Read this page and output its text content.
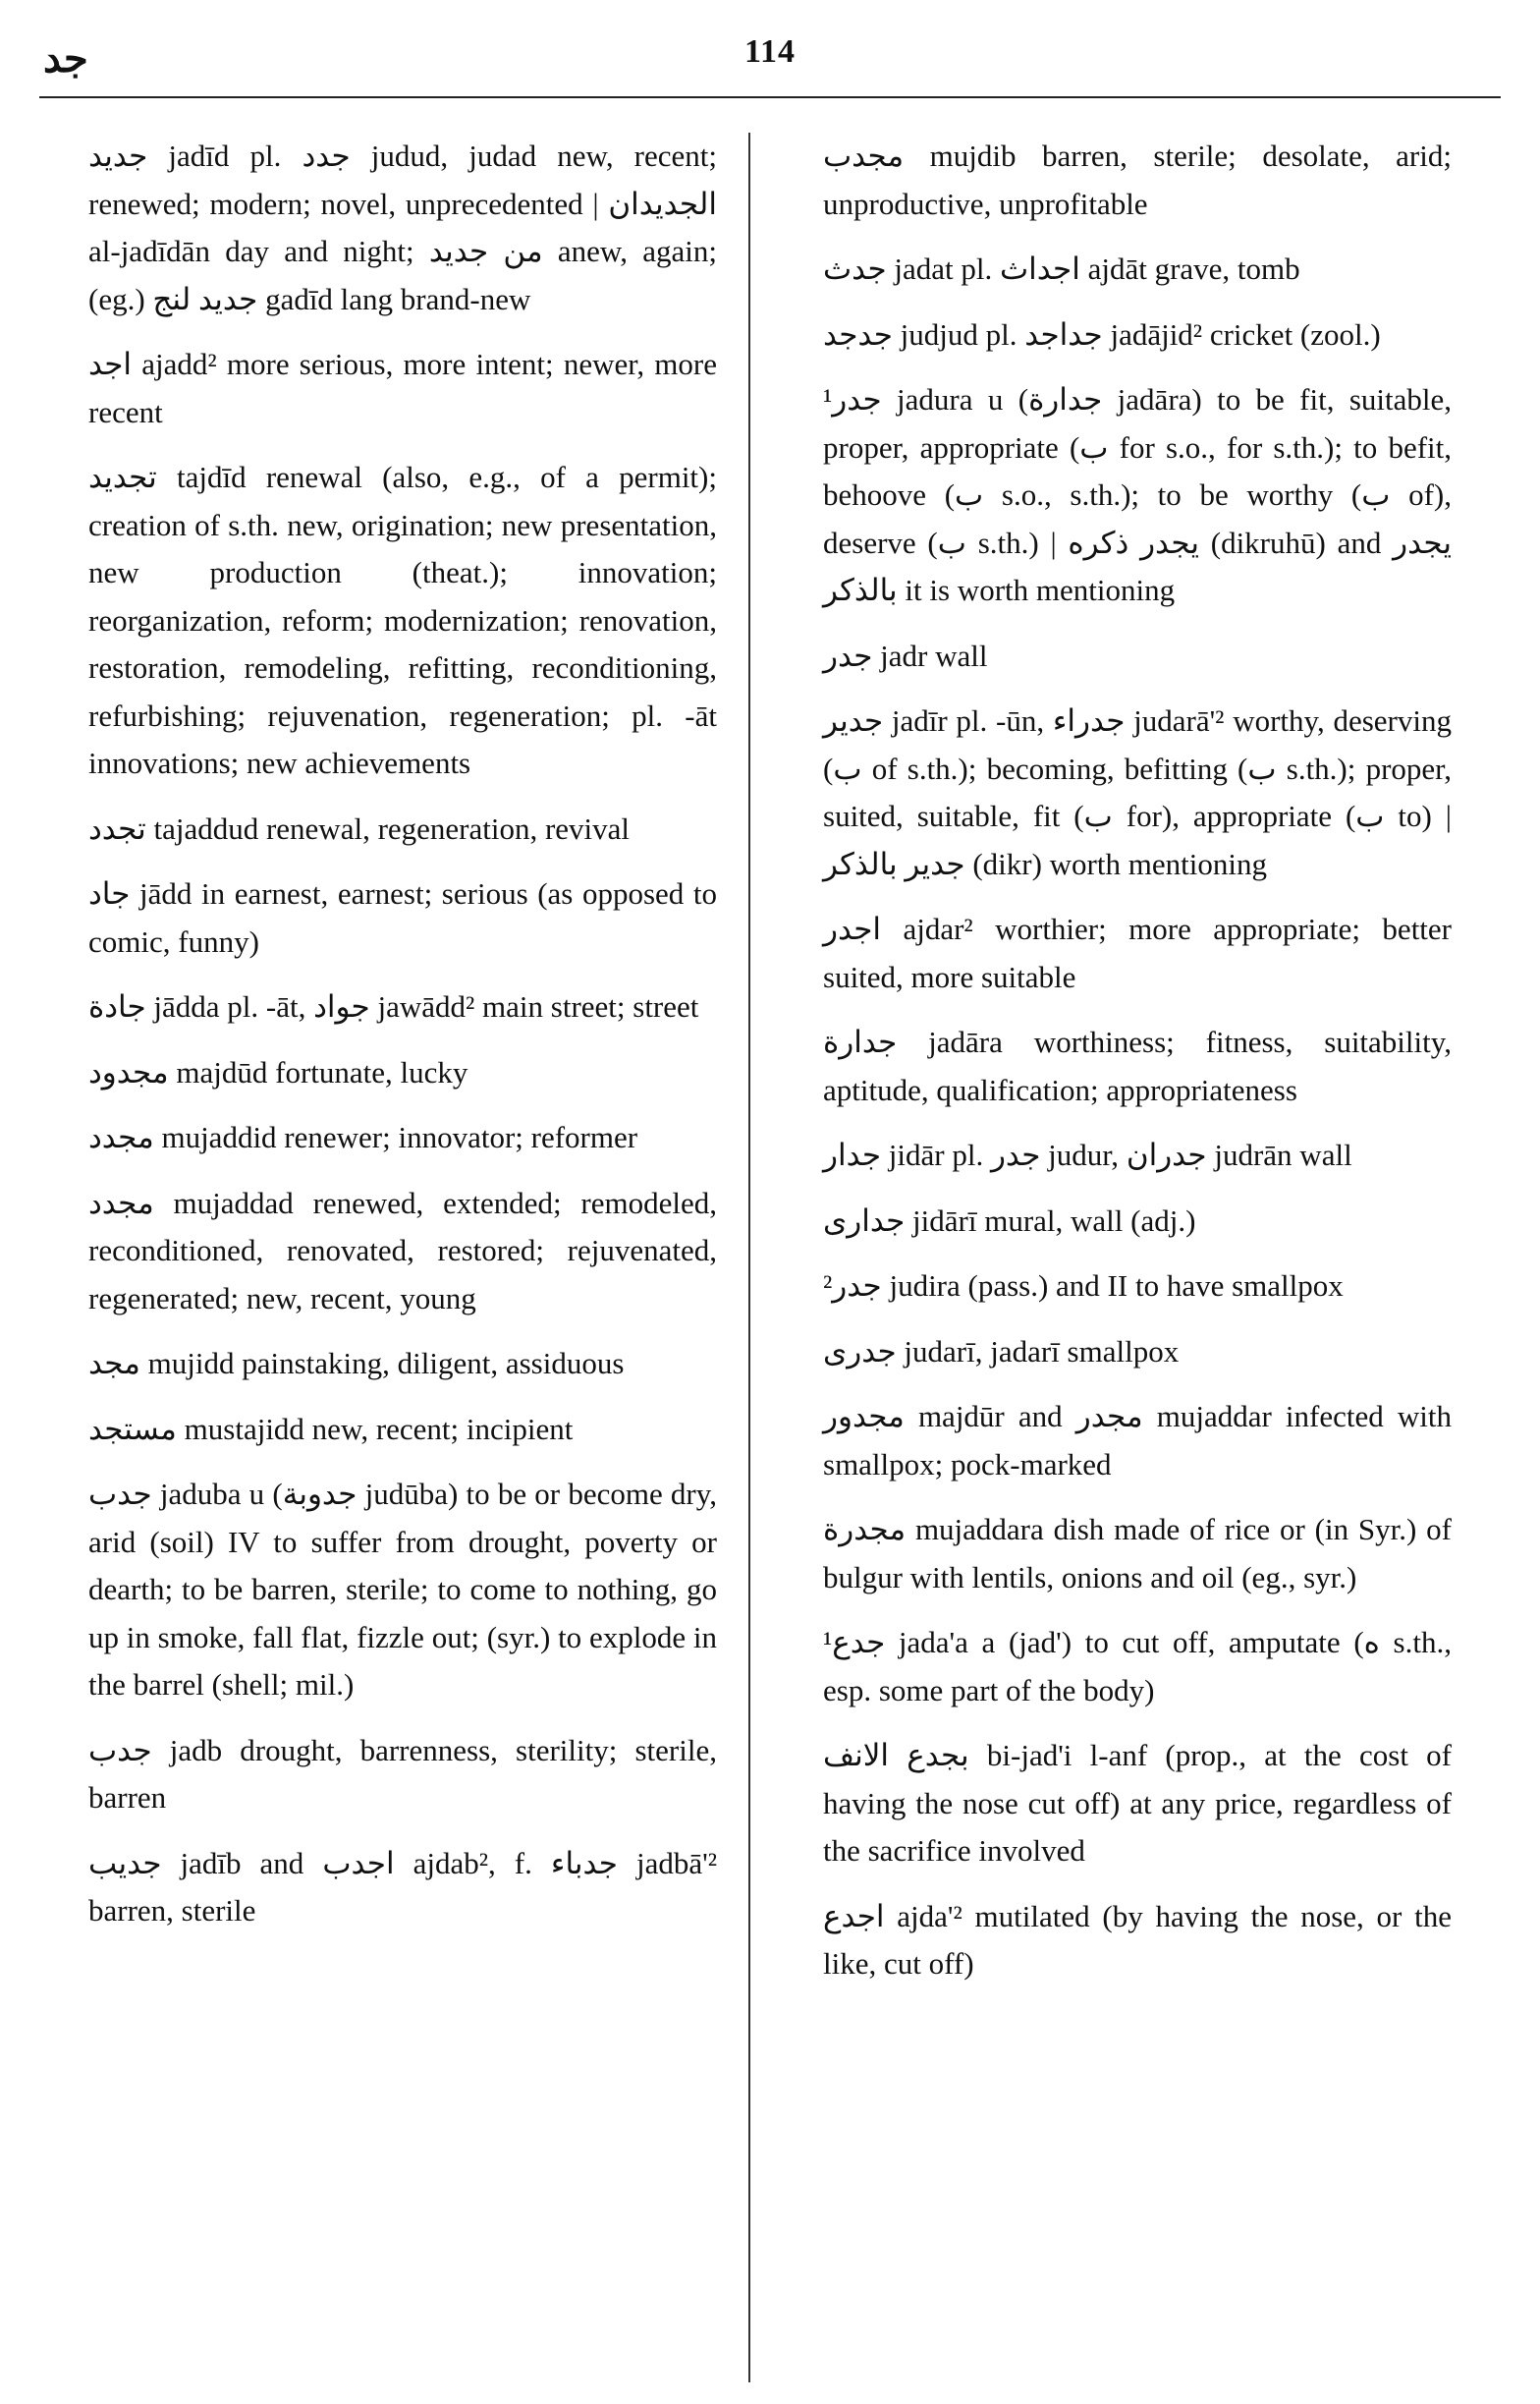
جد	114

جديد jadīd pl. جدد judud, judad new, recent; renewed; modern; novel, unprecedented | الجديدان al-jadīdān day and night; من جديد anew, again; (eg.) جديد لنج gadīd lang brand-new

اجد ajadd² more serious, more intent; newer, more recent

تجديد tajdīd renewal (also, e.g., of a permit); creation of s.th. new, origination; new presentation, new production (theat.); innovation; reorganization, reform; modernization; renovation, restoration, remodeling, refitting, reconditioning, refurbishing; rejuvenation, regeneration; pl. -āt innovations; new achievements

تجدد tajaddud renewal, regeneration, revival

جاد jādd in earnest, earnest; serious (as opposed to comic, funny)

جادة jādda pl. -āt, جواد jawādd² main street; street

مجدود majdūd fortunate, lucky

مجدد mujaddid renewer; innovator; reformer

مجدد mujaddad renewed, extended; remodeled, reconditioned, renovated, restored; rejuvenated, regenerated; new, recent, young

مجد mujidd painstaking, diligent, assiduous

مستجد mustajidd new, recent; incipient

جدب jaduba u (جدوبة judūba) to be or become dry, arid (soil) IV to suffer from drought, poverty or dearth; to be barren, sterile; to come to nothing, go up in smoke, fall flat, fizzle out; (syr.) to explode in the barrel (shell; mil.)

جدب jadb drought, barrenness, sterility; sterile, barren

جديب jadīb and اجدب ajdab², f. جدباء jadbā'² barren, sterile

مجدب mujdib barren, sterile; desolate, arid; unproductive, unprofitable

جدث jadat pl. اجداث ajdāt grave, tomb

جدجد judjud pl. جداجد jadājid² cricket (zool.)

¹جدر jadura u (جدارة jadāra) to be fit, suitable, proper, appropriate (ب for s.o., for s.th.); to befit, behoove (ب s.o., s.th.); to be worthy (ب of), deserve (ب s.th.) | يجدر ذكره (dikruhū) and يجدر بالذكر it is worth mentioning

جدر jadr wall

جدير jadīr pl. -ūn, جدراء judarā'² worthy, deserving (ب of s.th.); becoming, befitting (ب s.th.); proper, suited, suitable, fit (ب for), appropriate (ب to) | جدير بالذكر (dikr) worth mentioning

اجدر ajdar² worthier; more appropriate; better suited, more suitable

جدارة jadāra worthiness; fitness, suitability, aptitude, qualification; appropriateness

جدار jidār pl. جدر judur, جدران judrān wall

جدارى jidārī mural, wall (adj.)

²جدر judira (pass.) and II to have smallpox

جدرى judarī, jadarī smallpox

مجدور majdūr and مجدر mujaddar infected with smallpox; pock-marked

مجدرة mujaddara dish made of rice or (in Syr.) of bulgur with lentils, onions and oil (eg., syr.)

¹جدع jada'a a (jad') to cut off, amputate (ه s.th., esp. some part of the body)

بجدع الانف bi-jad'i l-anf (prop., at the cost of having the nose cut off) at any price, regardless of the sacrifice involved

اجدع ajda'² mutilated (by having the nose, or the like, cut off)
